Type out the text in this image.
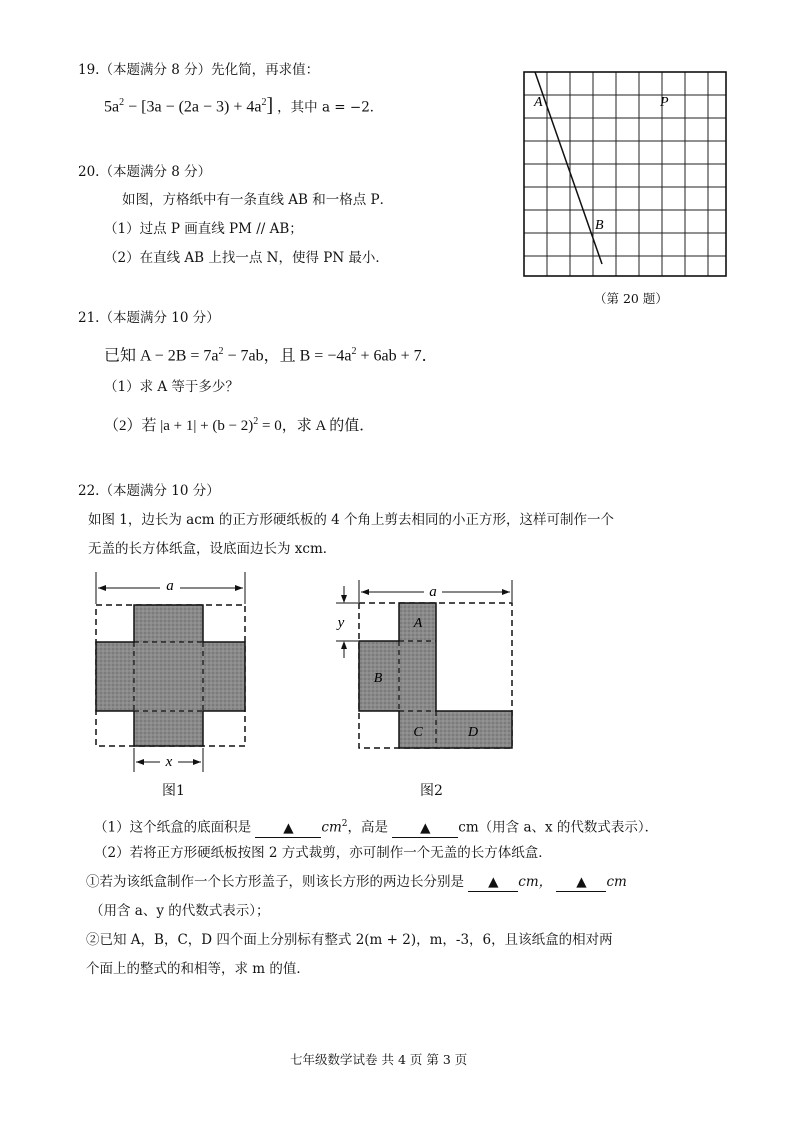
19.（本题满分 8 分）先化简，再求值：
$5a^2 - [3a - (2a - 3) + 4a^2]$ ，其中 a = −2．
20.（本题满分 8 分）
如图，方格纸中有一条直线 AB 和一格点 P．
（1）过点 P 画直线 PM // AB；
（2）在直线 AB 上找一点 N，使得 PN 最小．
A
B
P
（第 20 题）
21.（本题满分 10 分）
已知 $A - 2B = 7a^2 - 7ab$，且 $B = -4a^2 + 6ab + 7$．
（1）求 A 等于多少？
（2）若 $|a + 1| + (b - 2)^2 = 0$，求 A 的值．
22.（本题满分 10 分）
如图 1，边长为 acm 的正方形硬纸板的 4 个角上剪去相同的小正方形，这样可制作一个
无盖的长方体纸盒，设底面边长为 xcm．
a
x
图1
a
y	A
B
C	D
图2
（1）这个纸盒的底面积是 ▲ $cm^2$，高是 ▲ cm（用含 a、x 的代数式表示）．
（2）若将正方形硬纸板按图 2 方式裁剪，亦可制作一个无盖的长方体纸盒．
①若为该纸盒制作一个长方形盖子，则该长方形的两边长分别是 ▲ cm， ▲ cm
（用含 a、y 的代数式表示）；
②已知 A，B，C，D 四个面上分别标有整式 2(m + 2)，m，-3，6，且该纸盒的相对两
个面上的整式的和相等，求 m 的值．
七年级数学试卷 共 4 页 第 3 页
